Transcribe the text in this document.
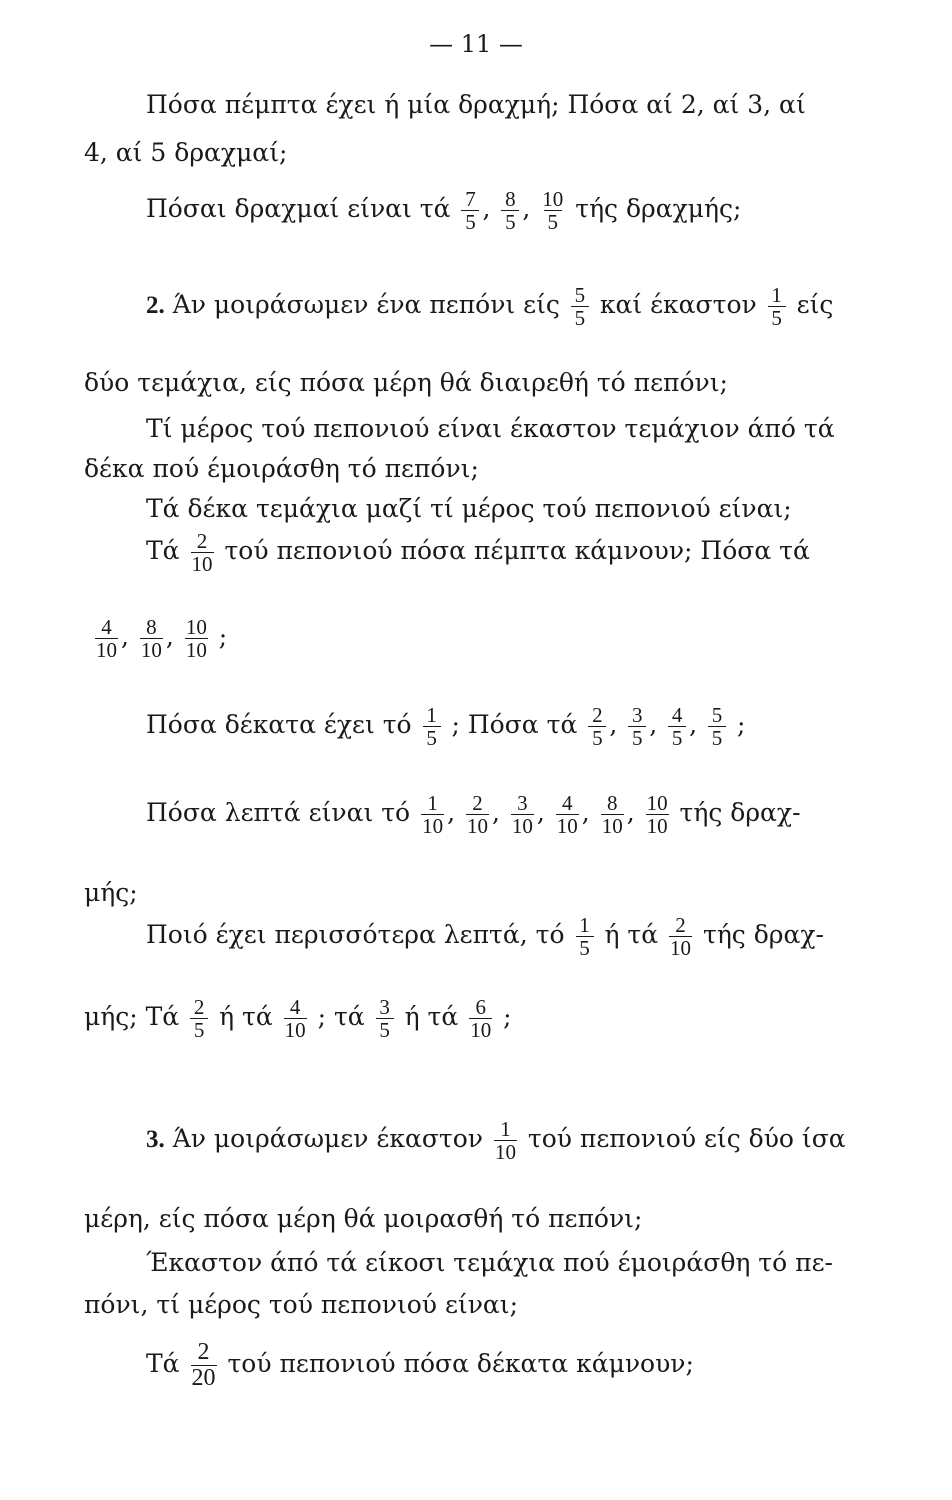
— 11 —
Πόσα πέμπτα έχει ή μία δραχμή; Πόσα αί 2, αί 3, αί
4, αί 5 δραχμαί;
Πόσαι δραχμαί είναι τά $\frac{7}{5}$ , $\frac{8}{5}$ , $\frac{10}{5}$ τής δραχμής;
2. Άν μοιράσωμεν ένα πεπόνι είς $\frac{5}{5}$ καί έκαστον $\frac{1}{5}$ είς
δύο τεμάχια, είς πόσα μέρη θά διαιρεθή τό πεπόνι;
Τί μέρος τού πεπονιού είναι έκαστον τεμάχιον άπό τά
δέκα πού έμοιράσθη τό πεπόνι;
Τά δέκα τεμάχια μαζί τί μέρος τού πεπονιού είναι;
Τά $\frac{2}{10}$ τού πεπονιού πόσα πέμπτα κάμνουν; Πόσα τά
$\frac{4}{10}$ , $\frac{8}{10}$ , $\frac{10}{10}$ ;
Πόσα δέκατα έχει τό $\frac{1}{5}$ ; Πόσα τά $\frac{2}{5}$ , $\frac{3}{5}$ , $\frac{4}{5}$ , $\frac{5}{5}$ ;
Πόσα λεπτά είναι τό $\frac{1}{10}$ , $\frac{2}{10}$ , $\frac{3}{10}$ , $\frac{4}{10}$ , $\frac{8}{10}$ , $\frac{10}{10}$ τής δραχ-
μής;
Ποιό έχει περισσότερα λεπτά, τό $\frac{1}{5}$ ή τά $\frac{2}{10}$ τής δραχ-
μής; Τά $\frac{2}{5}$ ή τά $\frac{4}{10}$ ; τά $\frac{3}{5}$ ή τά $\frac{6}{10}$ ;
3. Άν μοιράσωμεν έκαστον $\frac{1}{10}$ τού πεπονιού είς δύο ίσα
μέρη, είς πόσα μέρη θά μοιρασθή τό πεπόνι;
Έκαστον άπό τά είκοσι τεμάχια πού έμοιράσθη τό πε-
πόνι, τί μέρος τού πεπονιού είναι;
Τά $\frac{2}{20}$ τού πεπονιού πόσα δέκατα κάμνουν;
